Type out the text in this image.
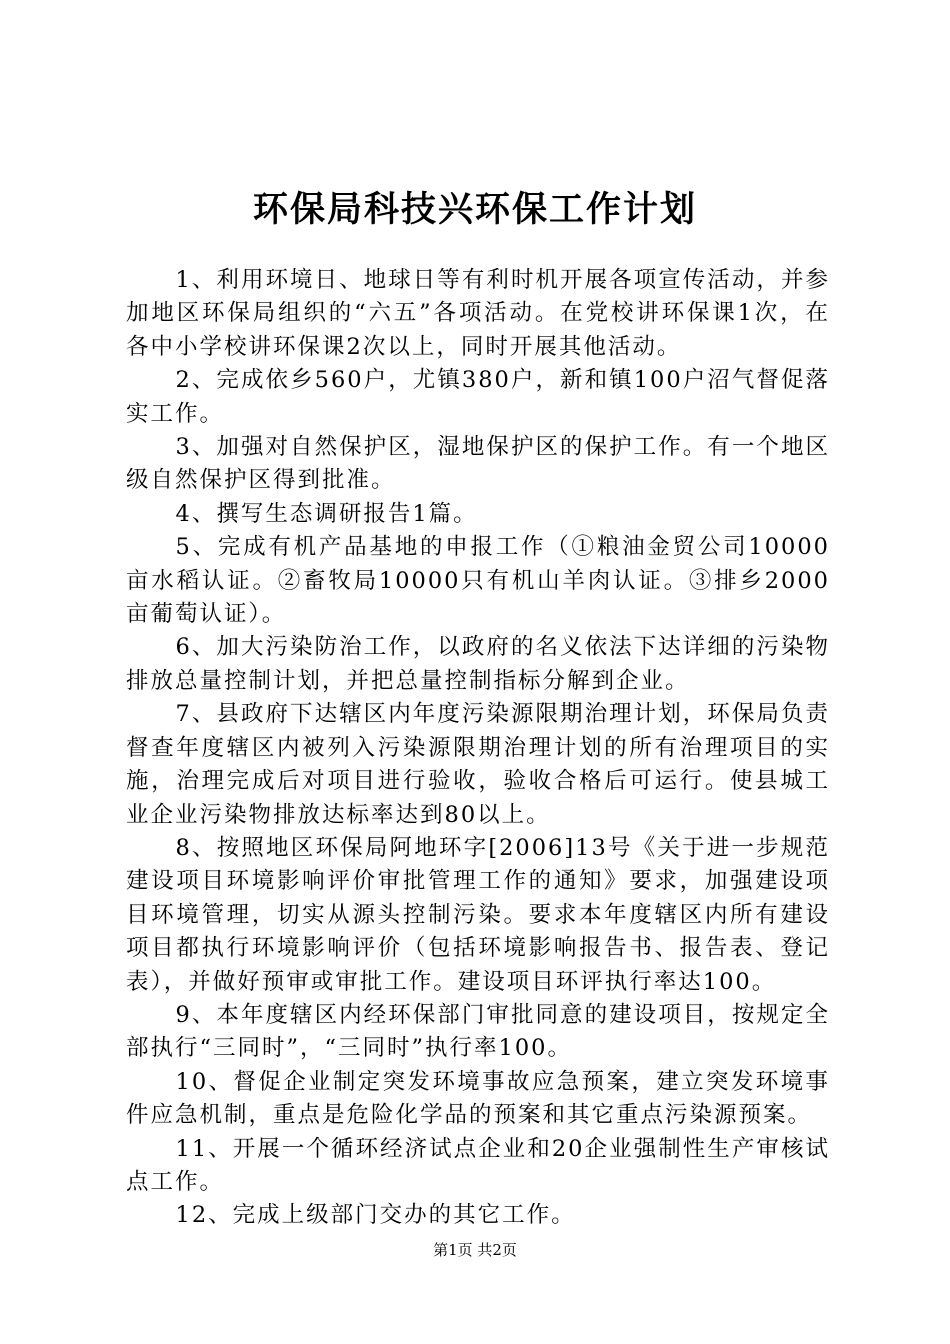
环保局科技兴环保工作计划

1、利用环境日、地球日等有利时机开展各项宣传活动，并参加地区环保局组织的“六五”各项活动。在党校讲环保课1次，在各中小学校讲环保课2次以上，同时开展其他活动。

2、完成依乡560户，尤镇380户，新和镇100户沼气督促落实工作。

3、加强对自然保护区，湿地保护区的保护工作。有一个地区级自然保护区得到批准。

4、撰写生态调研报告1篇。

5、完成有机产品基地的申报工作（①粮油金贸公司10000亩水稻认证。②畜牧局10000只有机山羊肉认证。③排乡2000亩葡萄认证）。

6、加大污染防治工作，以政府的名义依法下达详细的污染物排放总量控制计划，并把总量控制指标分解到企业。

7、县政府下达辖区内年度污染源限期治理计划，环保局负责督查年度辖区内被列入污染源限期治理计划的所有治理项目的实施，治理完成后对项目进行验收，验收合格后可运行。使县城工业企业污染物排放达标率达到80以上。

8、按照地区环保局阿地环字[2006]13号《关于进一步规范建设项目环境影响评价审批管理工作的通知》要求，加强建设项目环境管理，切实从源头控制污染。要求本年度辖区内所有建设项目都执行环境影响评价（包括环境影响报告书、报告表、登记表），并做好预审或审批工作。建设项目环评执行率达100。

9、本年度辖区内经环保部门审批同意的建设项目，按规定全部执行“三同时”，“三同时”执行率100。

10、督促企业制定突发环境事故应急预案，建立突发环境事件应急机制，重点是危险化学品的预案和其它重点污染源预案。

11、开展一个循环经济试点企业和20企业强制性生产审核试点工作。

12、完成上级部门交办的其它工作。

第1页 共2页
